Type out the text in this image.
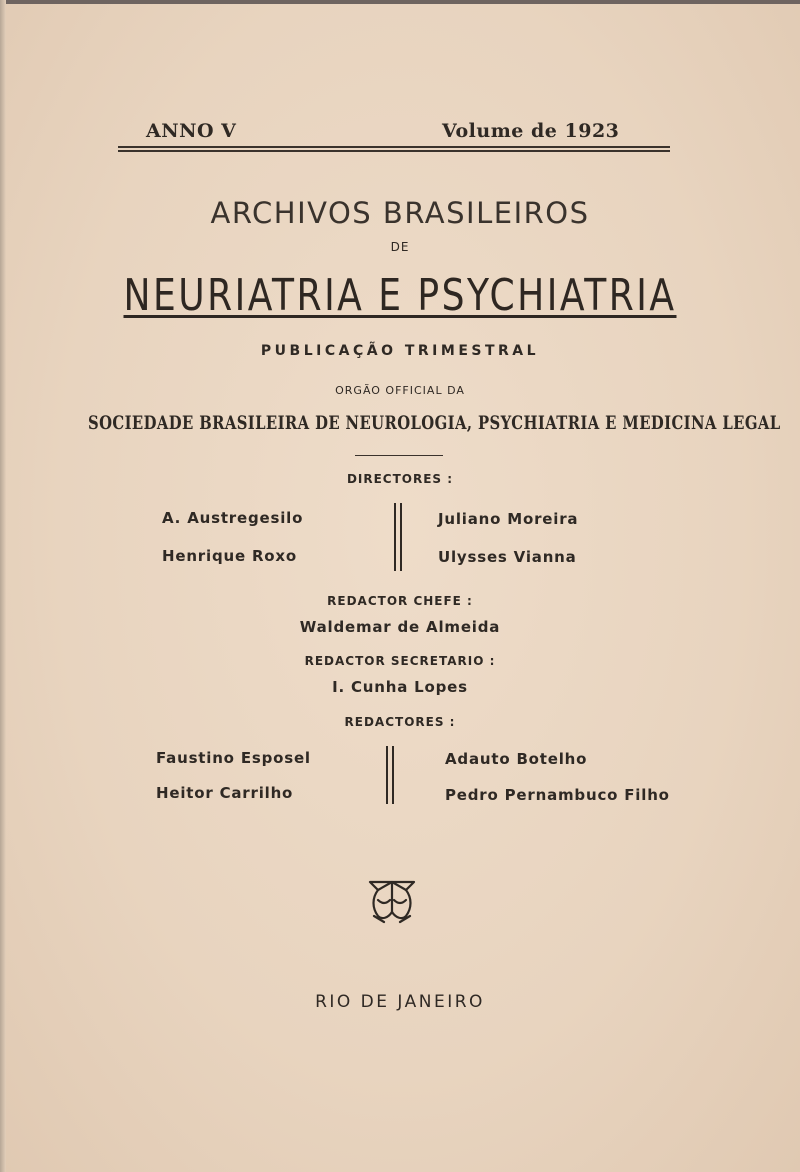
ANNO V	Volume de 1923
ARCHIVOS BRASILEIROS
DE
NEURIATRIA E PSYCHIATRIA
PUBLICAÇÃO TRIMESTRAL
ORGÃO OFFICIAL DA
SOCIEDADE BRASILEIRA DE NEUROLOGIA, PSYCHIATRIA E MEDICINA LEGAL
DIRECTORES :
A. Austregesilo
Henrique Roxo
Juliano Moreira
Ulysses Vianna
REDACTOR CHEFE :
Waldemar de Almeida
REDACTOR SECRETARIO :
I. Cunha Lopes
REDACTORES :
Faustino Esposel
Heitor Carrilho
Adauto Botelho
Pedro Pernambuco Filho
RIO DE JANEIRO
